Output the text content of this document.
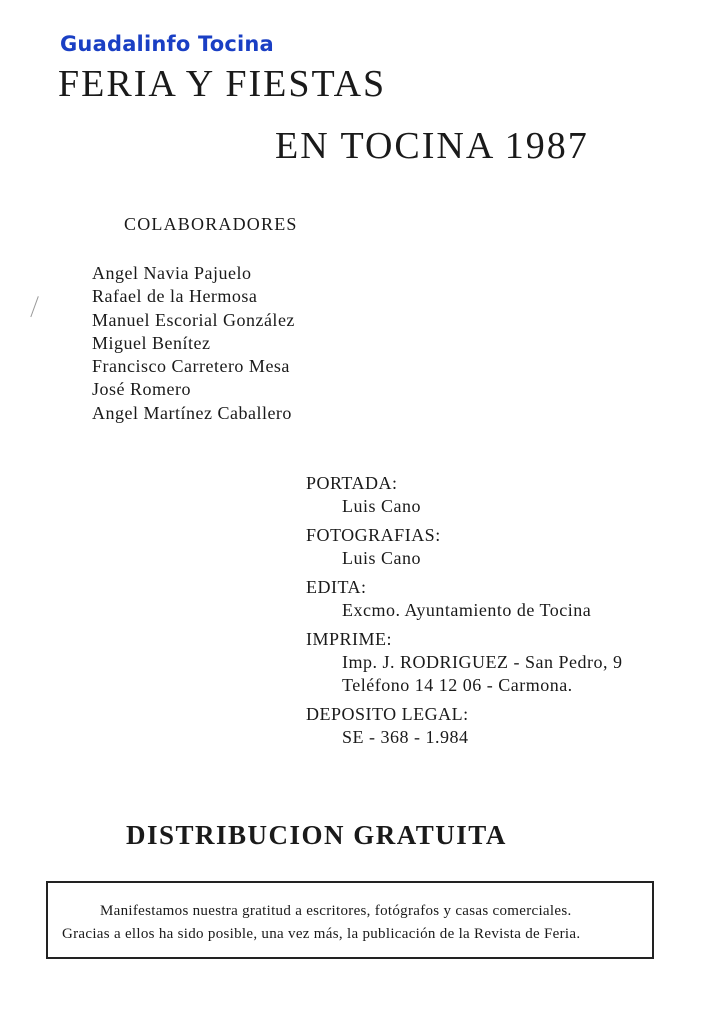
Guadalinfo Tocina
FERIA Y FIESTAS
EN TOCINA 1987
COLABORADORES
Angel Navia Pajuelo
Rafael de la Hermosa
Manuel Escorial González
Miguel Benítez
Francisco Carretero Mesa
José Romero
Angel Martínez Caballero
PORTADA:
Luis Cano
FOTOGRAFIAS:
Luis Cano
EDITA:
Excmo. Ayuntamiento de Tocina
IMPRIME:
Imp. J. RODRIGUEZ - San Pedro, 9
Teléfono 14 12 06 - Carmona.
DEPOSITO LEGAL:
SE - 368 - 1.984
DISTRIBUCION GRATUITA
Manifestamos nuestra gratitud a escritores, fotógrafos y casas comerciales.
Gracias a ellos ha sido posible, una vez más, la publicación de la Revista de Feria.
